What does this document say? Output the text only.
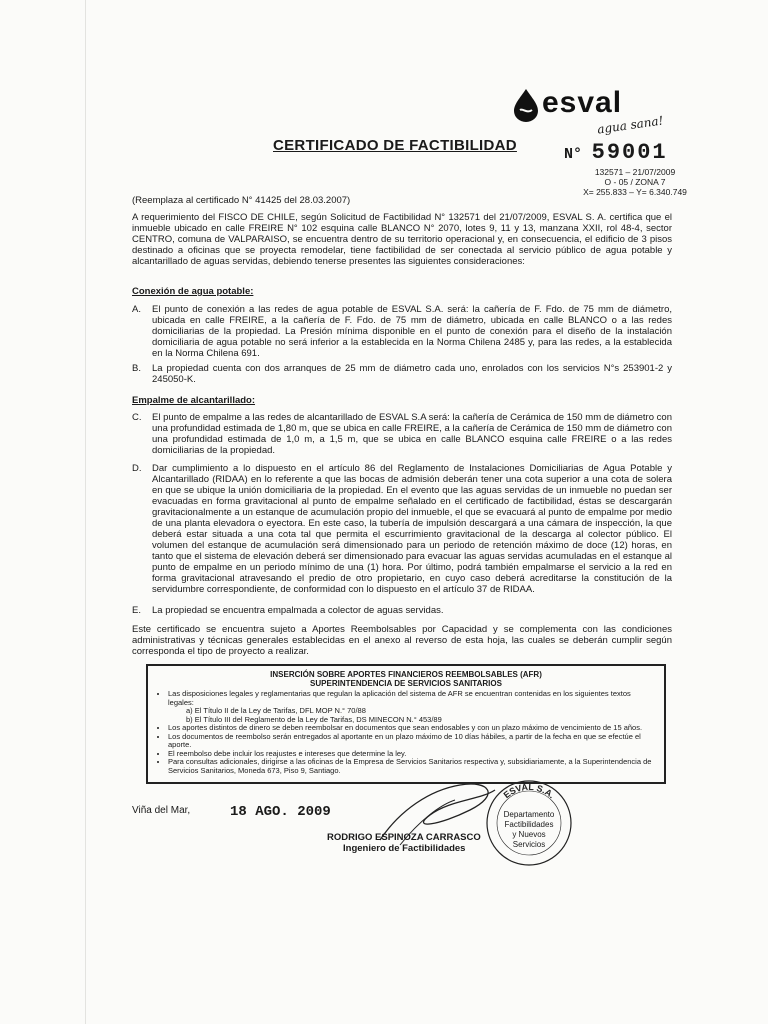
esval
agua sana!
CERTIFICADO DE FACTIBILIDAD
N° 59001
132571 – 21/07/2009
O - 05 / ZONA 7
X= 255.833 – Y= 6.340.749
(Reemplaza al certificado N° 41425 del 28.03.2007)
A requerimiento del FISCO DE CHILE, según Solicitud de Factibilidad N° 132571 del 21/07/2009, ESVAL S. A. certifica que el inmueble ubicado en calle FREIRE N° 102 esquina calle BLANCO N° 2070, lotes 9, 11 y 13, manzana XXII, rol 48-4, sector CENTRO, comuna de VALPARAISO, se encuentra dentro de su territorio operacional y, en consecuencia, el edificio de 3 pisos destinado a oficinas que se proyecta remodelar, tiene factibilidad de ser conectada al servicio público de agua potable y alcantarillado de aguas servidas, debiendo tenerse presentes las siguientes consideraciones:
Conexión de agua potable:
A. El punto de conexión a las redes de agua potable de ESVAL S.A. será: la cañería de F. Fdo. de 75 mm de diámetro, ubicada en calle FREIRE, a la cañería de F. Fdo. de 75 mm de diámetro, ubicada en calle BLANCO o a las redes domiciliarias de la propiedad. La Presión mínima disponible en el punto de conexión para el diseño de la instalación domiciliaria de agua potable no será inferior a la establecida en la Norma Chilena 2485 y, para las redes, a la establecida en la Norma Chilena 691.
B. La propiedad cuenta con dos arranques de 25 mm de diámetro cada uno, enrolados con los servicios N°s 253901-2 y 245050-K.
Empalme de alcantarillado:
C. El punto de empalme a las redes de alcantarillado de ESVAL S.A será: la cañería de Cerámica de 150 mm de diámetro con una profundidad estimada de 1,80 m, que se ubica en calle FREIRE, a la cañería de Cerámica de 150 mm de diámetro con una profundidad estimada de 1,0 m, a 1,5 m, que se ubica en calle BLANCO esquina calle FREIRE o a las redes domiciliarias de la propiedad.
D. Dar cumplimiento a lo dispuesto en el artículo 86 del Reglamento de Instalaciones Domiciliarias de Agua Potable y Alcantarillado (RIDAA) en lo referente a que las bocas de admisión deberán tener una cota superior a una cota de solera en que se ubique la unión domiciliaria de la propiedad. En el evento que las aguas servidas de un inmueble no puedan ser evacuadas en forma gravitacional al punto de empalme señalado en el certificado de factibilidad, éstas se descargarán gravitacionalmente a un estanque de acumulación propio del inmueble, el que se evacuará al punto de empalme por medio de una planta elevadora o eyectora. En este caso, la tubería de impulsión descargará a una cámara de inspección, la que deberá estar situada a una cota tal que permita el escurrimiento gravitacional de la descarga al colector público. El volumen del estanque de acumulación será dimensionado para un periodo de retención máximo de doce (12) horas, en tanto que el sistema de elevación deberá ser dimensionado para evacuar las aguas servidas acumuladas en el estanque al punto de empalme en un periodo mínimo de una (1) hora. Por último, podrá también empalmarse el servicio a la red en forma gravitacional atravesando el predio de otro propietario, en cuyo caso deberá acreditarse la constitución de la servidumbre correspondiente, de conformidad con lo dispuesto en el artículo 37 de RIDAA.
E. La propiedad se encuentra empalmada a colector de aguas servidas.
Este certificado se encuentra sujeto a Aportes Reembolsables por Capacidad y se complementa con las condiciones administrativas y técnicas generales establecidas en el anexo al reverso de esta hoja, las cuales se deberán cumplir según corresponda el tipo de proyecto a realizar.
INSERCIÓN SOBRE APORTES FINANCIEROS REEMBOLSABLES (AFR)
SUPERINTENDENCIA DE SERVICIOS SANITARIOS
• Las disposiciones legales y reglamentarias que regulan la aplicación del sistema de AFR se encuentran contenidas en los siguientes textos legales:
a) El Título II de la Ley de Tarifas, DFL MOP N.° 70/88
b) El Título III del Reglamento de la Ley de Tarifas, DS MINECON N.° 453/89
• Los aportes distintos de dinero se deben reembolsar en documentos que sean endosables y con un plazo máximo de vencimiento de 15 años.
• Los documentos de reembolso serán entregados al aportante en un plazo máximo de 10 días hábiles, a partir de la fecha en que se efectúe el aporte.
• El reembolso debe incluir los reajustes e intereses que determine la ley.
• Para consultas adicionales, dirigirse a las oficinas de la Empresa de Servicios Sanitarios respectiva y, subsidiariamente, a la Superintendencia de Servicios Sanitarios, Moneda 673, Piso 9, Santiago.
Viña del Mar,	18 AGO. 2009
RODRIGO ESPINOZA CARRASCO
Ingeniero de Factibilidades
ESVAL S.A.
Departamento
Factibilidades
y Nuevos
Servicios
